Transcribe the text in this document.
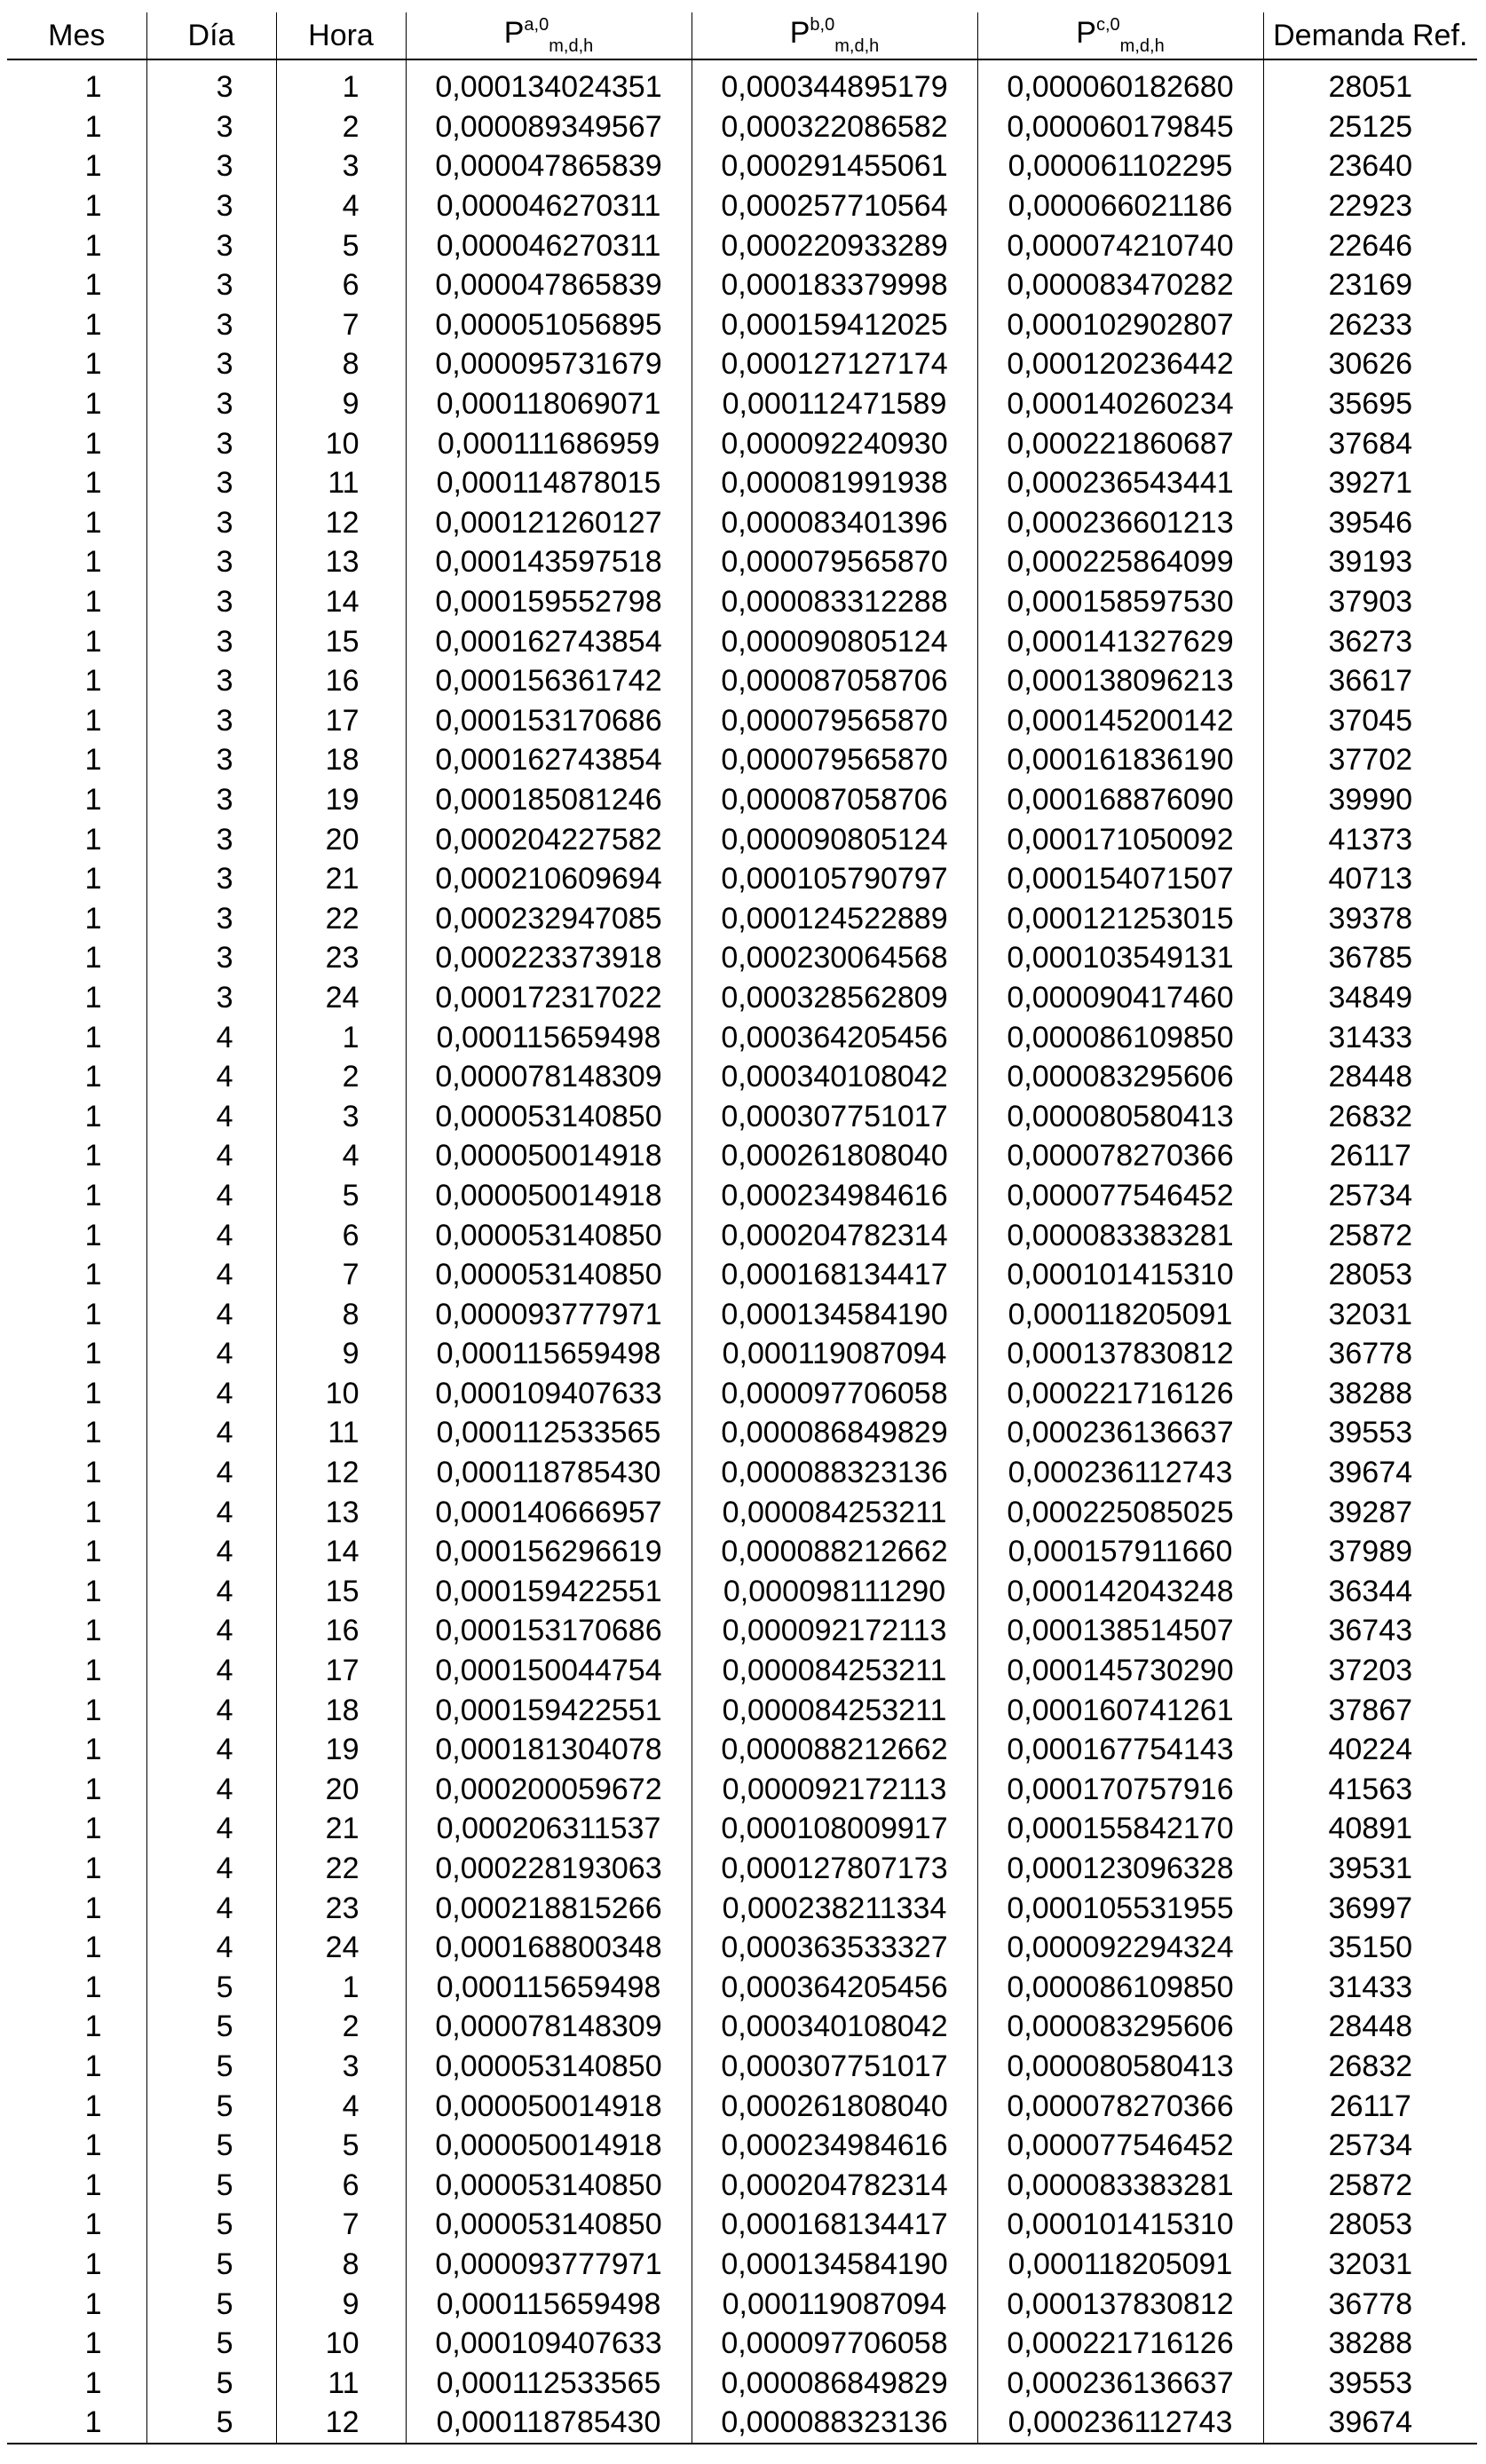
Mes	Día	Hora	P$^{a,0}_{m,d,h}$	P$^{b,0}_{m,d,h}$	P$^{c,0}_{m,d,h}$	Demanda Ref.
1	3	1	0,000134024351	0,000344895179	0,000060182680	28051
1	3	2	0,000089349567	0,000322086582	0,000060179845	25125
1	3	3	0,000047865839	0,000291455061	0,000061102295	23640
1	3	4	0,000046270311	0,000257710564	0,000066021186	22923
1	3	5	0,000046270311	0,000220933289	0,000074210740	22646
1	3	6	0,000047865839	0,000183379998	0,000083470282	23169
1	3	7	0,000051056895	0,000159412025	0,000102902807	26233
1	3	8	0,000095731679	0,000127127174	0,000120236442	30626
1	3	9	0,000118069071	0,000112471589	0,000140260234	35695
1	3	10	0,000111686959	0,000092240930	0,000221860687	37684
1	3	11	0,000114878015	0,000081991938	0,000236543441	39271
1	3	12	0,000121260127	0,000083401396	0,000236601213	39546
1	3	13	0,000143597518	0,000079565870	0,000225864099	39193
1	3	14	0,000159552798	0,000083312288	0,000158597530	37903
1	3	15	0,000162743854	0,000090805124	0,000141327629	36273
1	3	16	0,000156361742	0,000087058706	0,000138096213	36617
1	3	17	0,000153170686	0,000079565870	0,000145200142	37045
1	3	18	0,000162743854	0,000079565870	0,000161836190	37702
1	3	19	0,000185081246	0,000087058706	0,000168876090	39990
1	3	20	0,000204227582	0,000090805124	0,000171050092	41373
1	3	21	0,000210609694	0,000105790797	0,000154071507	40713
1	3	22	0,000232947085	0,000124522889	0,000121253015	39378
1	3	23	0,000223373918	0,000230064568	0,000103549131	36785
1	3	24	0,000172317022	0,000328562809	0,000090417460	34849
1	4	1	0,000115659498	0,000364205456	0,000086109850	31433
1	4	2	0,000078148309	0,000340108042	0,000083295606	28448
1	4	3	0,000053140850	0,000307751017	0,000080580413	26832
1	4	4	0,000050014918	0,000261808040	0,000078270366	26117
1	4	5	0,000050014918	0,000234984616	0,000077546452	25734
1	4	6	0,000053140850	0,000204782314	0,000083383281	25872
1	4	7	0,000053140850	0,000168134417	0,000101415310	28053
1	4	8	0,000093777971	0,000134584190	0,000118205091	32031
1	4	9	0,000115659498	0,000119087094	0,000137830812	36778
1	4	10	0,000109407633	0,000097706058	0,000221716126	38288
1	4	11	0,000112533565	0,000086849829	0,000236136637	39553
1	4	12	0,000118785430	0,000088323136	0,000236112743	39674
1	4	13	0,000140666957	0,000084253211	0,000225085025	39287
1	4	14	0,000156296619	0,000088212662	0,000157911660	37989
1	4	15	0,000159422551	0,000098111290	0,000142043248	36344
1	4	16	0,000153170686	0,000092172113	0,000138514507	36743
1	4	17	0,000150044754	0,000084253211	0,000145730290	37203
1	4	18	0,000159422551	0,000084253211	0,000160741261	37867
1	4	19	0,000181304078	0,000088212662	0,000167754143	40224
1	4	20	0,000200059672	0,000092172113	0,000170757916	41563
1	4	21	0,000206311537	0,000108009917	0,000155842170	40891
1	4	22	0,000228193063	0,000127807173	0,000123096328	39531
1	4	23	0,000218815266	0,000238211334	0,000105531955	36997
1	4	24	0,000168800348	0,000363533327	0,000092294324	35150
1	5	1	0,000115659498	0,000364205456	0,000086109850	31433
1	5	2	0,000078148309	0,000340108042	0,000083295606	28448
1	5	3	0,000053140850	0,000307751017	0,000080580413	26832
1	5	4	0,000050014918	0,000261808040	0,000078270366	26117
1	5	5	0,000050014918	0,000234984616	0,000077546452	25734
1	5	6	0,000053140850	0,000204782314	0,000083383281	25872
1	5	7	0,000053140850	0,000168134417	0,000101415310	28053
1	5	8	0,000093777971	0,000134584190	0,000118205091	32031
1	5	9	0,000115659498	0,000119087094	0,000137830812	36778
1	5	10	0,000109407633	0,000097706058	0,000221716126	38288
1	5	11	0,000112533565	0,000086849829	0,000236136637	39553
1	5	12	0,000118785430	0,000088323136	0,000236112743	39674
